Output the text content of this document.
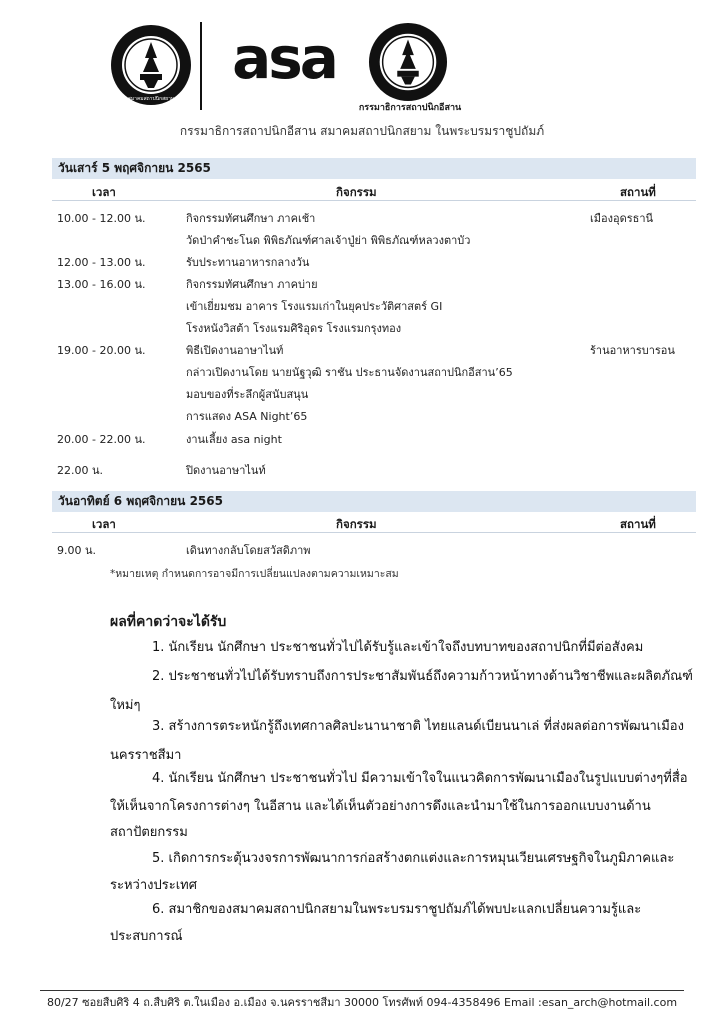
สมาคมสถาปนิกสยาม
asa
กรรมาธิการสถาปนิกอีสาน
กรรมาธิการสถาปนิกอีสาน สมาคมสถาปนิกสยาม ในพระบรมราชูปถัมภ์
วันเสาร์ 5 พฤศจิกายน 2565
เวลา	กิจกรรม	สถานที่
10.00 - 12.00 น.	กิจกรรมทัศนศึกษา ภาคเช้า	เมืองอุดรธานี
วัดป่าคำชะโนด พิพิธภัณฑ์ศาลเจ้าปู่ย่า พิพิธภัณฑ์หลวงตาบัว
12.00 - 13.00 น.	รับประทานอาหารกลางวัน
13.00 - 16.00 น.	กิจกรรมทัศนศึกษา ภาคบ่าย
เข้าเยี่ยมชม อาคาร โรงแรมเก่าในยุคประวัติศาสตร์ GI
โรงหนังวิสต้า โรงแรมศิริอุดร โรงแรมกรุงทอง
19.00 - 20.00 น.	พิธีเปิดงานอาษาไนท์	ร้านอาหารบารอน
กล่าวเปิดงานโดย นายนัฐวุฒิ ราชัน ประธานจัดงานสถาปนิกอีสาน’65
มอบของที่ระลึกผู้สนับสนุน
การแสดง ASA Night’65
20.00 - 22.00 น.	งานเลี้ยง asa night
22.00 น.	ปิดงานอาษาไนท์
วันอาทิตย์ 6 พฤศจิกายน 2565
เวลา	กิจกรรม	สถานที่
9.00 น.	เดินทางกลับโดยสวัสดิภาพ
*หมายเหตุ กำหนดการอาจมีการเปลี่ยนแปลงตามความเหมาะสม
ผลที่คาดว่าจะได้รับ
1. นักเรียน นักศึกษา ประชาชนทั่วไปได้รับรู้และเข้าใจถึงบทบาทของสถาปนิกที่มีต่อสังคม
2. ประชาชนทั่วไปได้รับทราบถึงการประชาสัมพันธ์ถึงความก้าวหน้าทางด้านวิชาชีพและผลิตภัณฑ์
ใหม่ๆ
3. สร้างการตระหนักรู้ถึงเทศกาลศิลปะนานาชาติ ไทยแลนด์เบียนนาเล่ ที่ส่งผลต่อการพัฒนาเมือง
นครราชสีมา
4. นักเรียน นักศึกษา ประชาชนทั่วไป มีความเข้าใจในแนวคิดการพัฒนาเมืองในรูปแบบต่างๆที่สื่อ
ให้เห็นจากโครงการต่างๆ ในอีสาน และได้เห็นตัวอย่างการดึงและนำมาใช้ในการออกแบบงานด้าน
สถาปัตยกรรม
5. เกิดการกระตุ้นวงจรการพัฒนาการก่อสร้างตกแต่งและการหมุนเวียนเศรษฐกิจในภูมิภาคและ
ระหว่างประเทศ
6. สมาชิกของสมาคมสถาปนิกสยามในพระบรมราชูปถัมภ์ได้พบปะแลกเปลี่ยนความรู้และ
ประสบการณ์
80/27 ซอยสืบศิริ 4 ถ.สืบศิริ ต.ในเมือง อ.เมือง จ.นครราชสีมา 30000 โทรศัพท์ 094-4358496 Email :esan_arch@hotmail.com
